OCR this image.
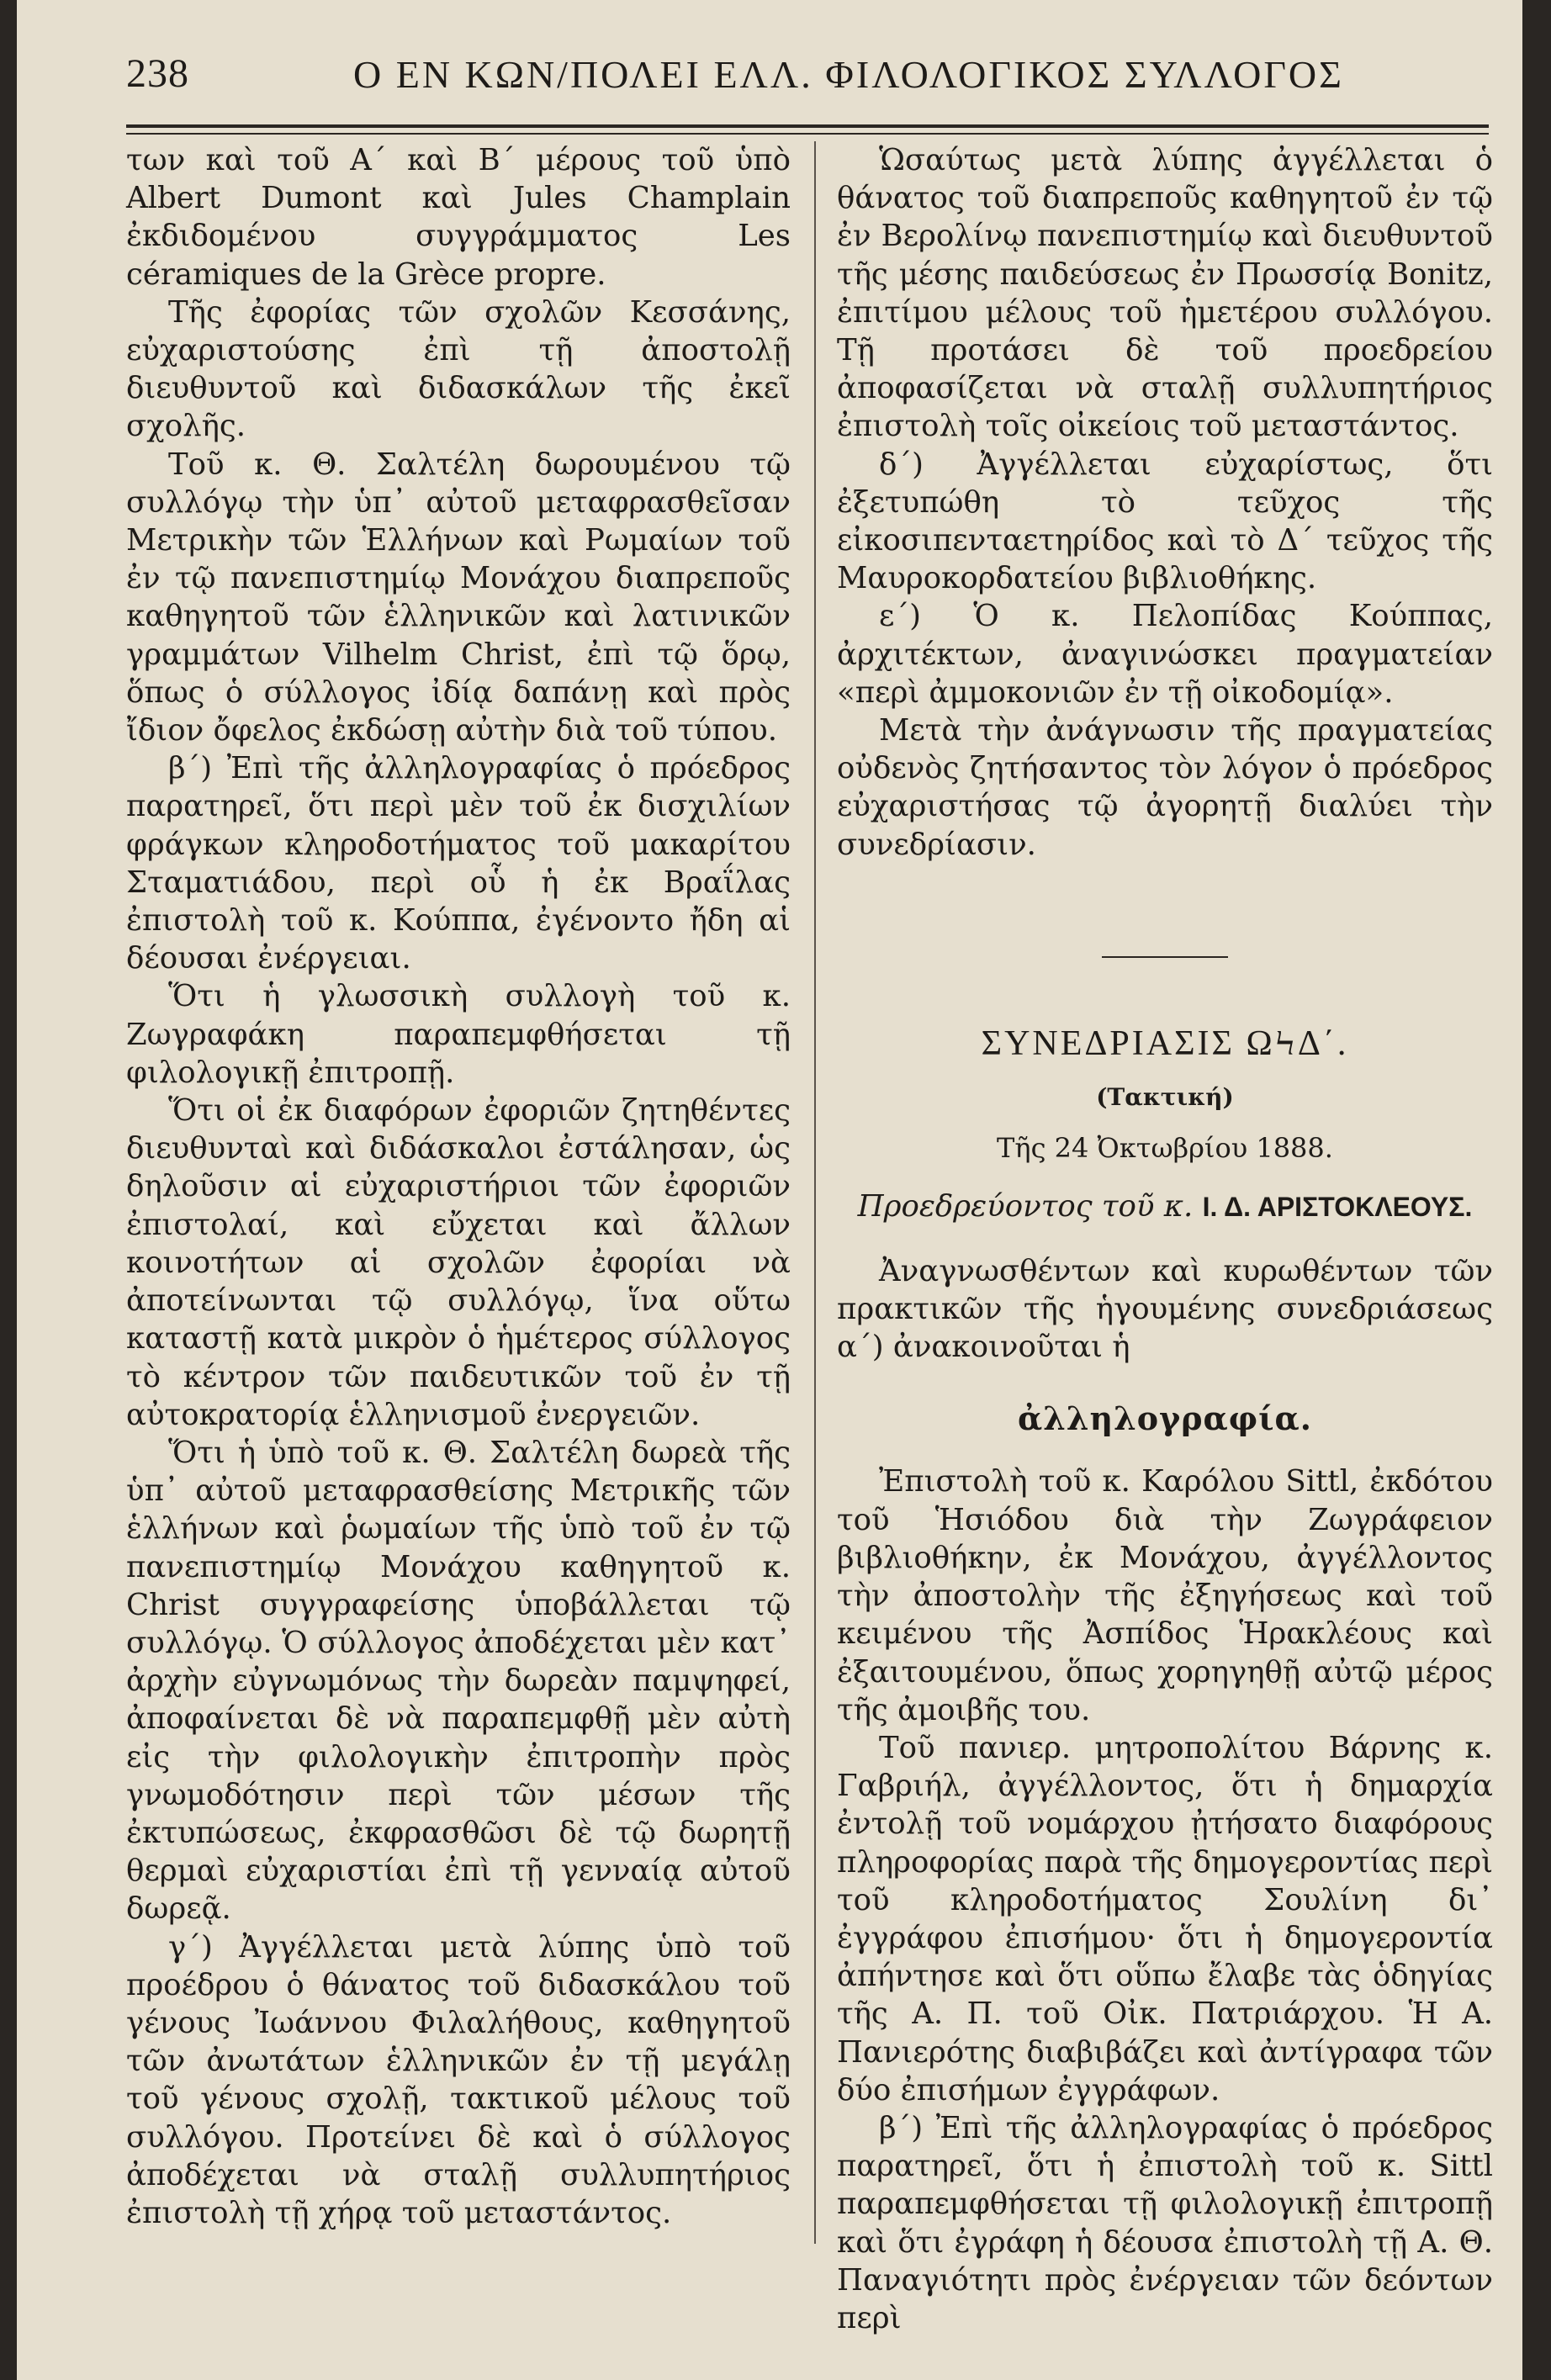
238	Ο ΕΝ ΚΩΝ/ΠΟΛΕΙ ΕΛΛ. ΦΙΛΟΛΟΓΙΚΟΣ ΣΥΛΛΟΓΟΣ

των καὶ τοῦ Α΄ καὶ Β΄ μέρους τοῦ ὑπὸ Albert Dumont καὶ Jules Champlain ἐκδιδομένου συγγράμματος Les céramiques de la Grèce propre.

Τῆς ἐφορίας τῶν σχολῶν Κεσσάνης, εὐχαριστούσης ἐπὶ τῇ ἀποστολῇ διευθυντοῦ καὶ διδασκάλων τῆς ἐκεῖ σχολῆς.

Τοῦ κ. Θ. Σαλτέλη δωρουμένου τῷ συλλόγῳ τὴν ὑπ᾿ αὐτοῦ μεταφρασθεῖσαν Μετρικὴν τῶν Ἑλλήνων καὶ Ρωμαίων τοῦ ἐν τῷ πανεπιστημίῳ Μονάχου διαπρεποῦς καθηγητοῦ τῶν ἑλληνικῶν καὶ λατινικῶν γραμμάτων Vilhelm Christ, ἐπὶ τῷ ὅρῳ, ὅπως ὁ σύλλογος ἰδίᾳ δαπάνῃ καὶ πρὸς ἴδιον ὄφελος ἐκδώσῃ αὐτὴν διὰ τοῦ τύπου.

β΄) Ἐπὶ τῆς ἀλληλογραφίας ὁ πρόεδρος παρατηρεῖ, ὅτι περὶ μὲν τοῦ ἐκ δισχιλίων φράγκων κληροδοτήματος τοῦ μακαρίτου Σταματιάδου, περὶ οὗ ἡ ἐκ Βραΐλας ἐπιστολὴ τοῦ κ. Κούππα, ἐγένοντο ἤδη αἱ δέουσαι ἐνέργειαι.

Ὅτι ἡ γλωσσικὴ συλλογὴ τοῦ κ. Ζωγραφάκη παραπεμφθήσεται τῇ φιλολογικῇ ἐπιτροπῇ.

Ὅτι οἱ ἐκ διαφόρων ἐφοριῶν ζητηθέντες διευθυνταὶ καὶ διδάσκαλοι ἐστάλησαν, ὡς δηλοῦσιν αἱ εὐχαριστήριοι τῶν ἐφοριῶν ἐπιστολαί, καὶ εὔχεται καὶ ἄλλων κοινοτήτων αἱ σχολῶν ἐφορίαι νὰ ἀποτείνωνται τῷ συλλόγῳ, ἵνα οὕτω καταστῇ κατὰ μικρὸν ὁ ἡμέτερος σύλλογος τὸ κέντρον τῶν παιδευτικῶν τοῦ ἐν τῇ αὐτοκρατορίᾳ ἑλληνισμοῦ ἐνεργειῶν.

Ὅτι ἡ ὑπὸ τοῦ κ. Θ. Σαλτέλη δωρεὰ τῆς ὑπ᾿ αὐτοῦ μεταφρασθείσης Μετρικῆς τῶν ἑλλήνων καὶ ῥωμαίων τῆς ὑπὸ τοῦ ἐν τῷ πανεπιστημίῳ Μονάχου καθηγητοῦ κ. Christ συγγραφείσης ὑποβάλλεται τῷ συλλόγῳ. Ὁ σύλλογος ἀποδέχεται μὲν κατ᾿ ἀρχὴν εὐγνωμόνως τὴν δωρεὰν παμψηφεί, ἀποφαίνεται δὲ νὰ παραπεμφθῇ μὲν αὐτὴ εἰς τὴν φιλολογικὴν ἐπιτροπὴν πρὸς γνωμοδότησιν περὶ τῶν μέσων τῆς ἐκτυπώσεως, ἐκφρασθῶσι δὲ τῷ δωρητῇ θερμαὶ εὐχαριστίαι ἐπὶ τῇ γενναίᾳ αὐτοῦ δωρεᾷ.

γ΄) Ἀγγέλλεται μετὰ λύπης ὑπὸ τοῦ προέδρου ὁ θάνατος τοῦ διδασκάλου τοῦ γένους Ἰωάννου Φιλαλήθους, καθηγητοῦ τῶν ἀνωτάτων ἑλληνικῶν ἐν τῇ μεγάλῃ τοῦ γένους σχολῇ, τακτικοῦ μέλους τοῦ συλλόγου. Προτείνει δὲ καὶ ὁ σύλλογος ἀποδέχεται νὰ σταλῇ συλλυπητήριος ἐπιστολὴ τῇ χήρᾳ τοῦ μεταστάντος.

Ὡσαύτως μετὰ λύπης ἀγγέλλεται ὁ θάνατος τοῦ διαπρεποῦς καθηγητοῦ ἐν τῷ ἐν Βερολίνῳ πανεπιστημίῳ καὶ διευθυντοῦ τῆς μέσης παιδεύσεως ἐν Πρωσσίᾳ Bonitz, ἐπιτίμου μέλους τοῦ ἡμετέρου συλλόγου. Τῇ προτάσει δὲ τοῦ προεδρείου ἀποφασίζεται νὰ σταλῇ συλλυπητήριος ἐπιστολὴ τοῖς οἰκείοις τοῦ μεταστάντος.

δ΄) Ἀγγέλλεται εὐχαρίστως, ὅτι ἐξετυπώθη τὸ τεῦχος τῆς εἰκοσιπενταετηρίδος καὶ τὸ Δ΄ τεῦχος τῆς Μαυροκορδατείου βιβλιοθήκης.

ε΄) Ὁ κ. Πελοπίδας Κούππας, ἀρχιτέκτων, ἀναγινώσκει πραγματείαν «περὶ ἀμμοκονιῶν ἐν τῇ οἰκοδομίᾳ».

Μετὰ τὴν ἀνάγνωσιν τῆς πραγματείας οὐδενὸς ζητήσαντος τὸν λόγον ὁ πρόεδρος εὐχαριστήσας τῷ ἀγορητῇ διαλύει τὴν συνεδρίασιν.

ΣΥΝΕΔΡΙΑΣΙΣ ΩϞΔ΄.
(Τακτική)
Τῆς 24 Ὀκτωβρίου 1888.
Προεδρεύοντος τοῦ κ. Ι. Δ. ΑΡΙΣΤΟΚΛΕΟΥΣ.

Ἀναγνωσθέντων καὶ κυρωθέντων τῶν πρακτικῶν τῆς ἡγουμένης συνεδριάσεως α΄) ἀνακοινοῦται ἡ

ἀλληλογραφία.

Ἐπιστολὴ τοῦ κ. Καρόλου Sittl, ἐκδότου τοῦ Ἡσιόδου διὰ τὴν Ζωγράφειον βιβλιοθήκην, ἐκ Μονάχου, ἀγγέλλοντος τὴν ἀποστολὴν τῆς ἐξηγήσεως καὶ τοῦ κειμένου τῆς Ἀσπίδος Ἡρακλέους καὶ ἐξαιτουμένου, ὅπως χορηγηθῇ αὐτῷ μέρος τῆς ἀμοιβῆς του.

Τοῦ πανιερ. μητροπολίτου Βάρνης κ. Γαβριήλ, ἀγγέλλοντος, ὅτι ἡ δημαρχία ἐντολῇ τοῦ νομάρχου ᾐτήσατο διαφόρους πληροφορίας παρὰ τῆς δημογεροντίας περὶ τοῦ κληροδοτήματος Σουλίνη δι᾿ ἐγγράφου ἐπισήμου· ὅτι ἡ δημογεροντία ἀπήντησε καὶ ὅτι οὕπω ἔλαβε τὰς ὁδηγίας τῆς Α. Π. τοῦ Οἰκ. Πατριάρχου. Ἡ Α. Πανιερότης διαβιβάζει καὶ ἀντίγραφα τῶν δύο ἐπισήμων ἐγγράφων.

β΄) Ἐπὶ τῆς ἀλληλογραφίας ὁ πρόεδρος παρατηρεῖ, ὅτι ἡ ἐπιστολὴ τοῦ κ. Sittl παραπεμφθήσεται τῇ φιλολογικῇ ἐπιτροπῇ καὶ ὅτι ἐγράφη ἡ δέουσα ἐπιστολὴ τῇ Α. Θ. Παναγιότητι πρὸς ἐνέργειαν τῶν δεόντων περὶ
